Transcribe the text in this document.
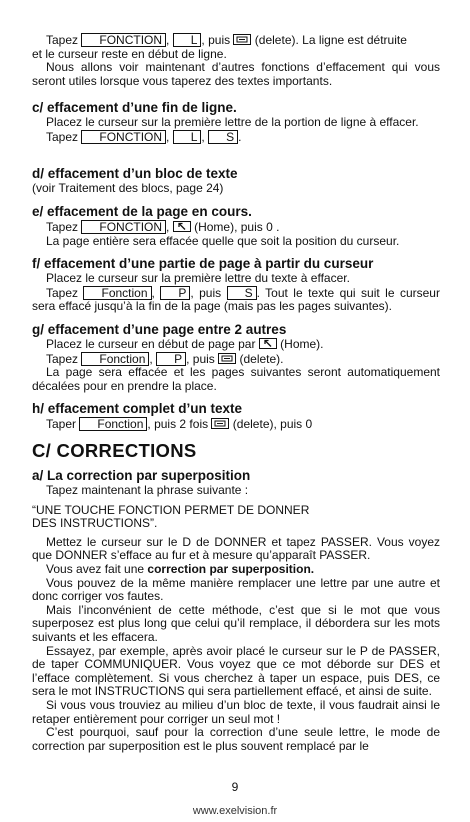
Tapez FONCTION , L , puis (delete). La ligne est détruite

et le curseur reste en début de ligne.

Nous allons voir maintenant d’autres fonctions d’effacement qui vous seront utiles lorsque vous taperez des textes importants.

c/ effacement d’une fin de ligne.

Placez le curseur sur la première lettre de la portion de ligne à effacer.

Tapez FONCTION , L , S .

d/ effacement d’un bloc de texte

(voir Traitement des blocs, page 24)

e/ effacement de la page en cours.

Tapez FONCTION , (Home), puis 0 .

La page entière sera effacée quelle que soit la position du curseur.

f/ effacement d’une partie de page à partir du curseur

Placez le curseur sur la première lettre du texte à effacer.

Tapez Fonction , P , puis S . Tout le texte qui suit le curseur sera effacé jusqu’à la fin de la page (mais pas les pages suivantes).

g/ effacement d’une page entre 2 autres

Placez le curseur en début de page par (Home).

Tapez Fonction , P , puis (delete).

La page sera effacée et les pages suivantes seront automatiquement décalées pour en prendre la place.

h/ effacement complet d’un texte

Taper Fonction , puis 2 fois (delete), puis 0

C/ CORRECTIONS

a/ La correction par superposition

Tapez maintenant la phrase suivante :

“UNE TOUCHE FONCTION PERMET DE DONNER

DES INSTRUCTIONS”.

Mettez le curseur sur le D de DONNER et tapez PASSER. Vous voyez que DONNER s’efface au fur et à mesure qu’apparaît PASSER.

Vous avez fait une correction par superposition.

Vous pouvez de la même manière remplacer une lettre par une autre et donc corriger vos fautes.

Mais l’inconvénient de cette méthode, c’est que si le mot que vous superposez est plus long que celui qu’il remplace, il débordera sur les mots suivants et les effacera.

Essayez, par exemple, après avoir placé le curseur sur le P de PASSER, de taper COMMUNIQUER. Vous voyez que ce mot déborde sur DES et l’efface complètement. Si vous cherchez à taper un espace, puis DES, ce sera le mot INSTRUCTIONS qui sera partiellement effacé, et ainsi de suite.

Si vous vous trouviez au milieu d’un bloc de texte, il vous faudrait ainsi le retaper entièrement pour corriger un seul mot !

C’est pourquoi, sauf pour la correction d’une seule lettre, le mode de correction par superposition est le plus souvent remplacé par le

9
www.exelvision.fr
